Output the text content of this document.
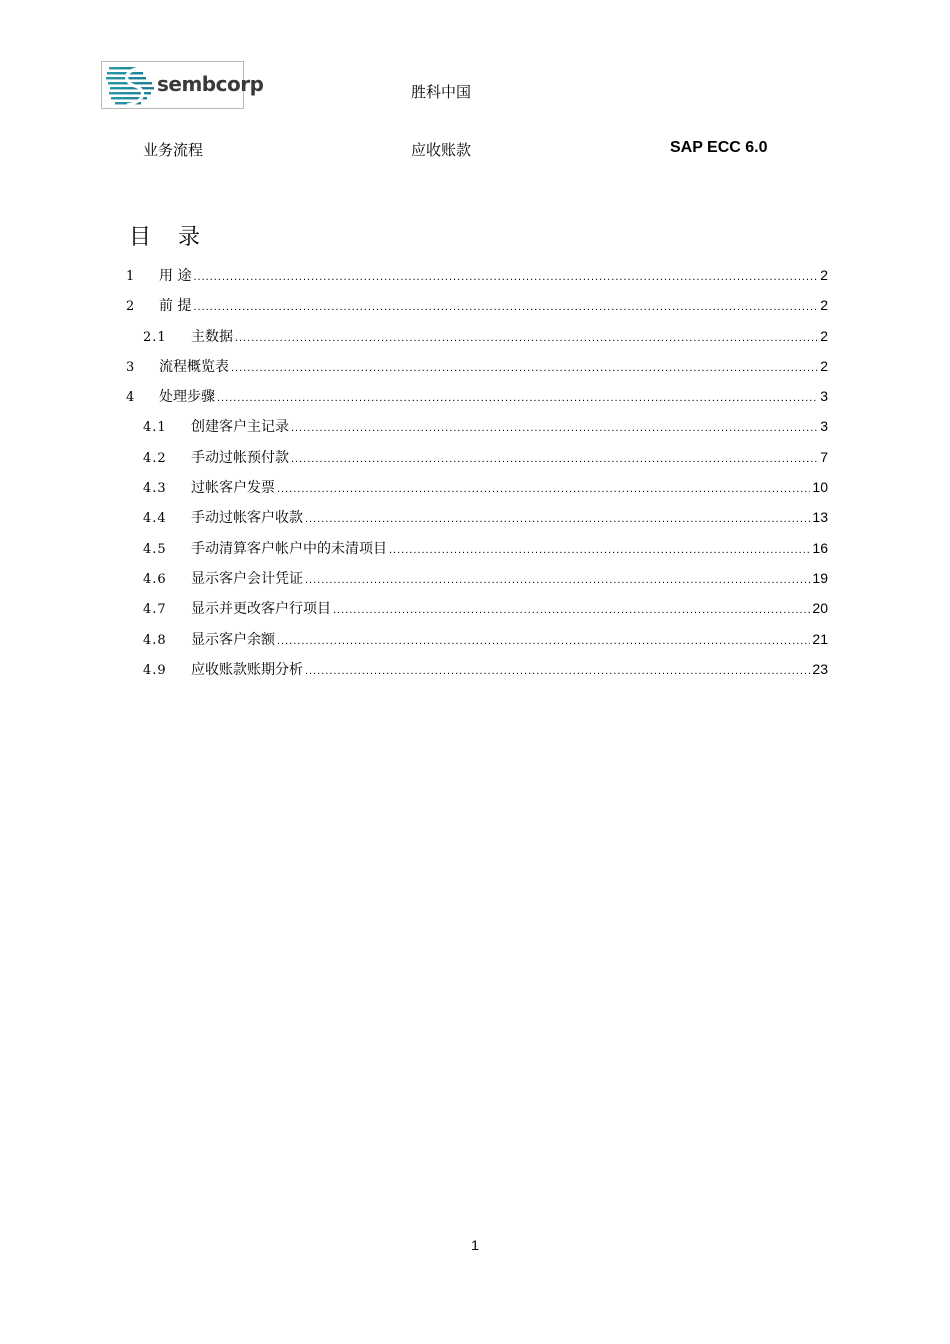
sembcorp	胜科中国
业务流程	应收账款	SAP ECC 6.0
目 录
1	用 途 .....	2
2	前 提 .....	2
2.1	主数据 .....	2
3	流程概览表 .....	2
4	处理步骤 .....	3
4.1	创建客户主记录 .....	3
4.2	手动过帐预付款 .....	7
4.3	过帐客户发票 .....	10
4.4	手动过帐客户收款 .....	13
4.5	手动清算客户帐户中的未清项目 .....	16
4.6	显示客户会计凭证 .....	19
4.7	显示并更改客户行项目 .....	20
4.8	显示客户余额 .....	21
4.9	应收账款账期分析 .....	23
1
